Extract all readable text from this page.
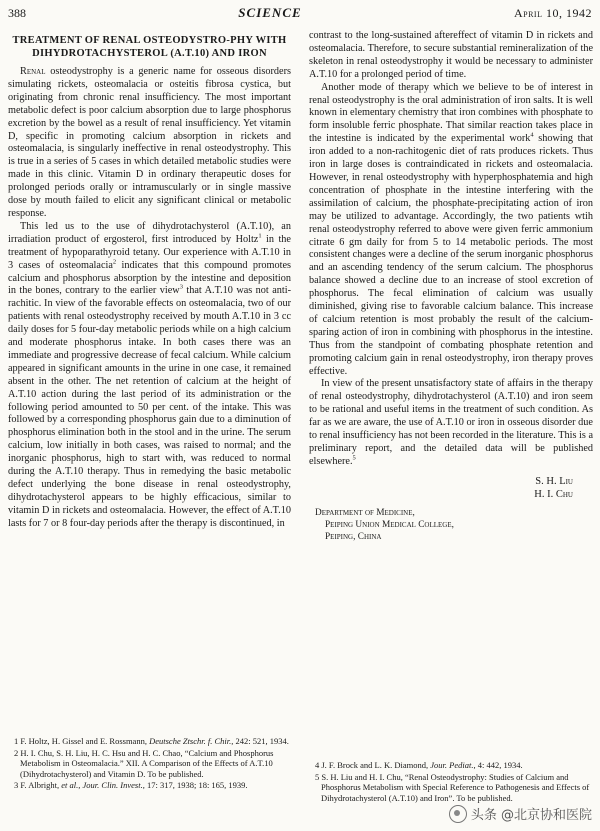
388	SCIENCE	April 10, 1942
TREATMENT OF RENAL OSTEODYSTRO-PHY WITH DIHYDROTACHYSTEROL (A.T.10) AND IRON

Renal osteodystrophy is a generic name for osseous disorders simulating rickets, osteomalacia or osteitis fibrosa cystica, but originating from chronic renal insufficiency. The most important metabolic defect is poor calcium absorption due to large phosphorus excretion by the bowel as a result of renal insufficiency. Yet vitamin D, specific in promoting calcium absorption in rickets and osteomalacia, is singularly ineffective in renal osteodystrophy. This is true in a series of 5 cases in which detailed metabolic studies were made in this clinic. Vitamin D in ordinary therapeutic doses for prolonged periods orally or intramuscularly or in single massive dose by mouth failed to elicit any significant clinical or metabolic response.

This led us to the use of dihydrotachysterol (A.T.10), an irradiation product of ergosterol, first introduced by Holtz$^1$ in the treatment of hypoparathyroid tetany. Our experience with A.T.10 in 3 cases of osteomalacia$^2$ indicates that this compound promotes calcium and phosphorus absorption by the intestine and deposition in the bones, contrary to the earlier view$^3$ that A.T.10 was not anti-rachitic. In view of the favorable effects on osteomalacia, two of our patients with renal osteodystrophy received by mouth A.T.10 in 3 cc daily doses for 5 four-day metabolic periods while on a high calcium and moderate phosphorus intake. In both cases there was an immediate and progressive decrease of fecal calcium. While calcium appeared in significant amounts in the urine in one case, it remained absent in the other. The net retention of calcium at the height of A.T.10 action during the last period of its administration or the following period amounted to 50 per cent. of the intake. This was followed by a corresponding phosphorus gain due to a diminution of phosphorus elimination both in the stool and in the urine. The serum calcium, low initially in both cases, was raised to normal; and the inorganic phosphorus, high to start with, was reduced to normal during the A.T.10 therapy. Thus in remedying the basic metabolic defect underlying the bone disease in renal osteodystrophy, dihydrotachysterol appears to be highly efficacious, similar to vitamin D in rickets and osteomalacia. However, the effect of A.T.10 lasts for 7 or 8 four-day periods after the therapy is discontinued, in

1 F. Holtz, H. Gissel and E. Rossmann, Deutsche Ztschr. f. Chir., 242: 521, 1934.
2 H. I. Chu, S. H. Liu, H. C. Hsu and H. C. Chao, “Calcium and Phosphorus Metabolism in Osteomalacia.” XII. A Comparison of the Effects of A.T.10 (Dihydrotachysterol) and Vitamin D. To be published.
3 F. Albright, et al., Jour. Clin. Invest., 17: 317, 1938; 18: 165, 1939.

contrast to the long-sustained aftereffect of vitamin D in rickets and osteomalacia. Therefore, to secure substantial remineralization of the skeleton in renal osteodystrophy it would be necessary to administer A.T.10 for a prolonged period of time.

Another mode of therapy which we believe to be of interest in renal osteodystrophy is the oral administration of iron salts. It is well known in elementary chemistry that iron combines with phosphate to form insoluble ferric phosphate. That similar reaction takes place in the intestine is indicated by the experimental work$^4$ showing that iron added to a non-rachitogenic diet of rats produces rickets. Thus iron in large doses is contraindicated in rickets and osteomalacia. However, in renal osteodystrophy with hyperphosphatemia and high concentration of phosphate in the intestine interfering with the assimilation of calcium, the phosphate-precipitating action of iron may be utilized to advantage. Accordingly, the two patients wtih renal osteodystrophy referred to above were given ferric ammonium citrate 6 gm daily for from 5 to 14 metabolic periods. The most consistent changes were a decline of the serum inorganic phosphorus and an ascending tendency of the serum calcium. The phosphorus balance showed a decline due to an increase of stool excretion of phosphorus. The fecal elimination of calcium was usually diminished, giving rise to favorable calcium balance. This increase of calcium retention is most probably the result of the calcium-sparing action of iron in combining with phosphorus in the intestine. Thus from the standpoint of combating phosphate retention and promoting calcium gain in renal osteodystrophy, iron therapy proves effective.

In view of the present unsatisfactory state of affairs in the therapy of renal osteodystrophy, dihydrotachysterol (A.T.10) and iron seem to be rational and useful items in the treatment of such condition. As far as we are aware, the use of A.T.10 or iron in osseous disorder due to renal insufficiency has not been recorded in the literature. This is a preliminary report, and the detailed data will be published elsewhere.$^5$

S. H. Liu
H. I. Chu
Department of Medicine,
Peiping Union Medical College,
Peiping, China
4 J. F. Brock and L. K. Diamond, Jour. Pediat., 4: 442, 1934.
5 S. H. Liu and H. I. Chu, “Renal Osteodystrophy: Studies of Calcium and Phosphorus Metabolism with Special Reference to Pathogenesis and Effects of Dihydrotachysterol (A.T.10) and Iron”. To be published.
头条 @北京协和医院
